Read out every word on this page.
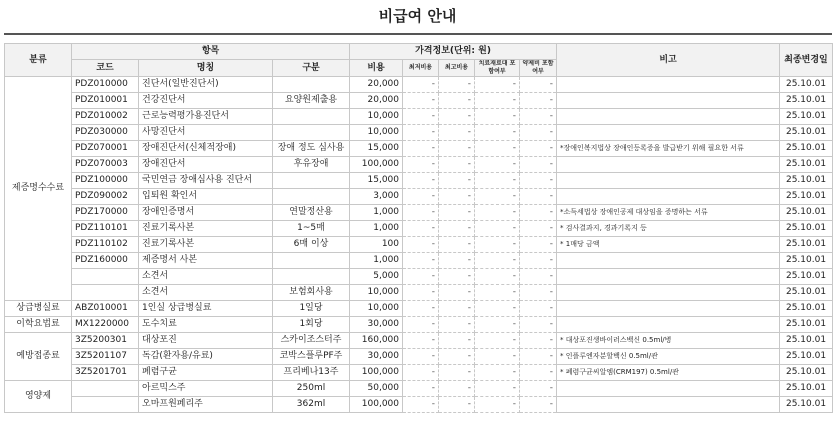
비급여 안내
분류	항목			가격정보(단위: 원)					비고	최종변경일
	코드	명칭	구분	비용	최저비용	최고비용	치료재료대 포함여부	약제비 포함여부		
제증명수수료	PDZ010000	진단서(일반진단서)		20,000	-	-	-	-		25.10.01
	PDZ010001	건강진단서	요양원제출용	20,000	-	-	-	-		25.10.01
	PDZ010002	근로능력평가용진단서		10,000	-	-	-	-		25.10.01
	PDZ030000	사망진단서		10,000	-	-	-	-		25.10.01
	PDZ070001	장애진단서(신체적장애)	장애 정도 심사용	15,000	-	-	-	-	*장애인복지법상 장애인등록증을 발급받기 위해 필요한 서류	25.10.01
	PDZ070003	장애진단서	후유장애	100,000	-	-	-	-		25.10.01
	PDZ100000	국민연금 장애심사용 진단서		15,000	-	-	-	-		25.10.01
	PDZ090002	입퇴원 확인서		3,000	-	-	-	-		25.10.01
	PDZ170000	장애인증명서	연말정산용	1,000	-	-	-	-	*소득세법상 장애인공제 대상임을 증명하는 서류	25.10.01
	PDZ110101	진료기록사본	1~5매	1,000	-	-	-	-	* 검사결과지, 경과기록지 등	25.10.01
	PDZ110102	진료기록사본	6매 이상	100	-	-	-	-	* 1매당 금액	25.10.01
	PDZ160000	제증명서 사본		1,000	-	-	-	-		25.10.01
		소견서		5,000	-	-	-	-		25.10.01
		소견서	보험회사용	10,000	-	-	-	-		25.10.01
상급병실료	ABZ010001	1인실 상급병실료	1일당	10,000	-	-	-	-		25.10.01
이학요법료	MX1220000	도수치료	1회당	30,000	-	-	-	-		25.10.01
예방접종료	3Z5200301	대상포진	스카이조스터주	160,000	-	-	-	-	* 대상포진생바이러스백신 0.5ml/병	25.10.01
	3Z5201107	독감(환자용/유료)	코박스플루PF주	30,000	-	-	-	-	* 인플루엔자분할백신 0.5ml/관	25.10.01
	3Z5201701	폐렴구균	프리베나13주	100,000	-	-	-	-	* 폐렴구균씨알엠(CRM197) 0.5ml/관	25.10.01
영양제		아르믹스주	250ml	50,000	-	-	-	-		25.10.01
		오마프원페리주	362ml	100,000	-	-	-	-		25.10.01
